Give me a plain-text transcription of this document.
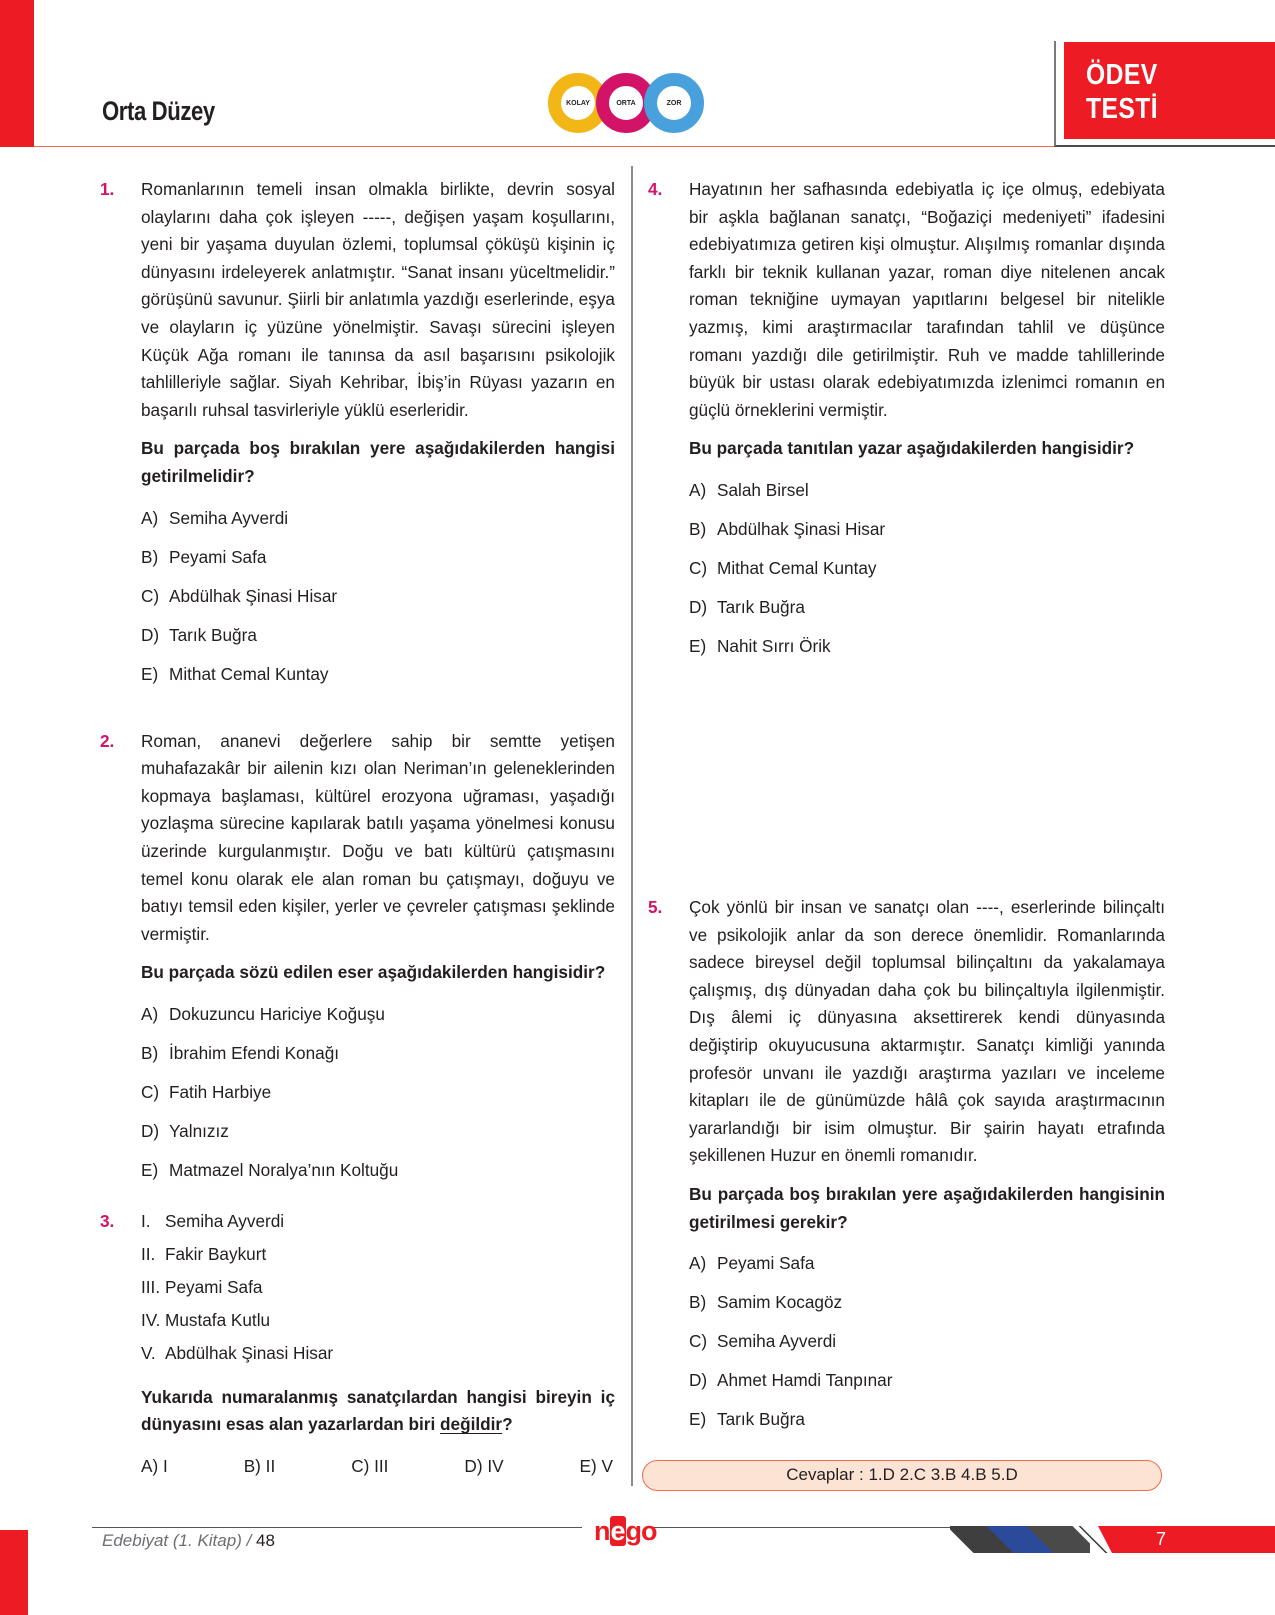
Orta Düzey	KOLAY	ORTA	ZOR
ÖDEV
TESTİ
1. Romanlarının temeli insan olmakla birlikte, devrin sosyal olaylarını daha çok işleyen -----, değişen yaşam koşullarını, yeni bir yaşama duyulan özlemi, toplumsal çöküşü kişinin iç dünyasını irdeleyerek anlatmıştır. “Sanat insanı yüceltmelidir.” görüşünü savunur. Şiirli bir anlatımla yazdığı eserlerinde, eşya ve olayların iç yüzüne yönelmiştir. Savaşı sürecini işleyen Küçük Ağa romanı ile tanınsa da asıl başarısını psikolojik tahlilleriyle sağlar. Siyah Kehribar, İbiş’in Rüyası yazarın en başarılı ruhsal tasvirleriyle yüklü eserleridir.
Bu parçada boş bırakılan yere aşağıdakilerden hangisi getirilmelidir?
A) Semiha Ayverdi
B) Peyami Safa
C) Abdülhak Şinasi Hisar
D) Tarık Buğra
E) Mithat Cemal Kuntay
2. Roman, ananevi değerlere sahip bir semtte yetişen muhafazakâr bir ailenin kızı olan Neriman’ın geleneklerinden kopmaya başlaması, kültürel erozyona uğraması, yaşadığı yozlaşma sürecine kapılarak batılı yaşama yönelmesi konusu üzerinde kurgulanmıştır. Doğu ve batı kültürü çatışmasını temel konu olarak ele alan roman bu çatışmayı, doğuyu ve batıyı temsil eden kişiler, yerler ve çevreler çatışması şeklinde vermiştir.
Bu parçada sözü edilen eser aşağıdakilerden hangisidir?
A) Dokuzuncu Hariciye Koğuşu
B) İbrahim Efendi Konağı
C) Fatih Harbiye
D) Yalnızız
E) Matmazel Noralya’nın Koltuğu
3. I. Semiha Ayverdi
II. Fakir Baykurt
III. Peyami Safa
IV. Mustafa Kutlu
V. Abdülhak Şinasi Hisar
Yukarıda numaralanmış sanatçılardan hangisi bireyin iç dünyasını esas alan yazarlardan biri değildir?
A) I	B) II	C) III	D) IV	E) V
4. Hayatının her safhasında edebiyatla iç içe olmuş, edebiyata bir aşkla bağlanan sanatçı, “Boğaziçi medeniyeti” ifadesini edebiyatımıza getiren kişi olmuştur. Alışılmış romanlar dışında farklı bir teknik kullanan yazar, roman diye nitelenen ancak roman tekniğine uymayan yapıtlarını belgesel bir nitelikle yazmış, kimi araştırmacılar tarafından tahlil ve düşünce romanı yazdığı dile getirilmiştir. Ruh ve madde tahlillerinde büyük bir ustası olarak edebiyatımızda izlenimci romanın en güçlü örneklerini vermiştir.
Bu parçada tanıtılan yazar aşağıdakilerden hangisidir?
A) Salah Birsel
B) Abdülhak Şinasi Hisar
C) Mithat Cemal Kuntay
D) Tarık Buğra
E) Nahit Sırrı Örik
5. Çok yönlü bir insan ve sanatçı olan ----, eserlerinde bilinçaltı ve psikolojik anlar da son derece önemlidir. Romanlarında sadece bireysel değil toplumsal bilinçaltını da yakalamaya çalışmış, dış dünyadan daha çok bu bilinçaltıyla ilgilenmiştir. Dış âlemi iç dünyasına aksettirerek kendi dünyasında değiştirip okuyucusuna aktarmıştır. Sanatçı kimliği yanında profesör unvanı ile yazdığı araştırma yazıları ve inceleme kitapları ile de günümüzde hâlâ çok sayıda araştırmacının yararlandığı bir isim olmuştur. Bir şairin hayatı etrafında şekillenen Huzur en önemli romanıdır.
Bu parçada boş bırakılan yere aşağıdakilerden hangisinin getirilmesi gerekir?
A) Peyami Safa
B) Samim Kocagöz
C) Semiha Ayverdi
D) Ahmet Hamdi Tanpınar
E) Tarık Buğra
Cevaplar : 1.D 2.C 3.B 4.B 5.D
Edebiyat (1. Kitap) / 48	nego	7
